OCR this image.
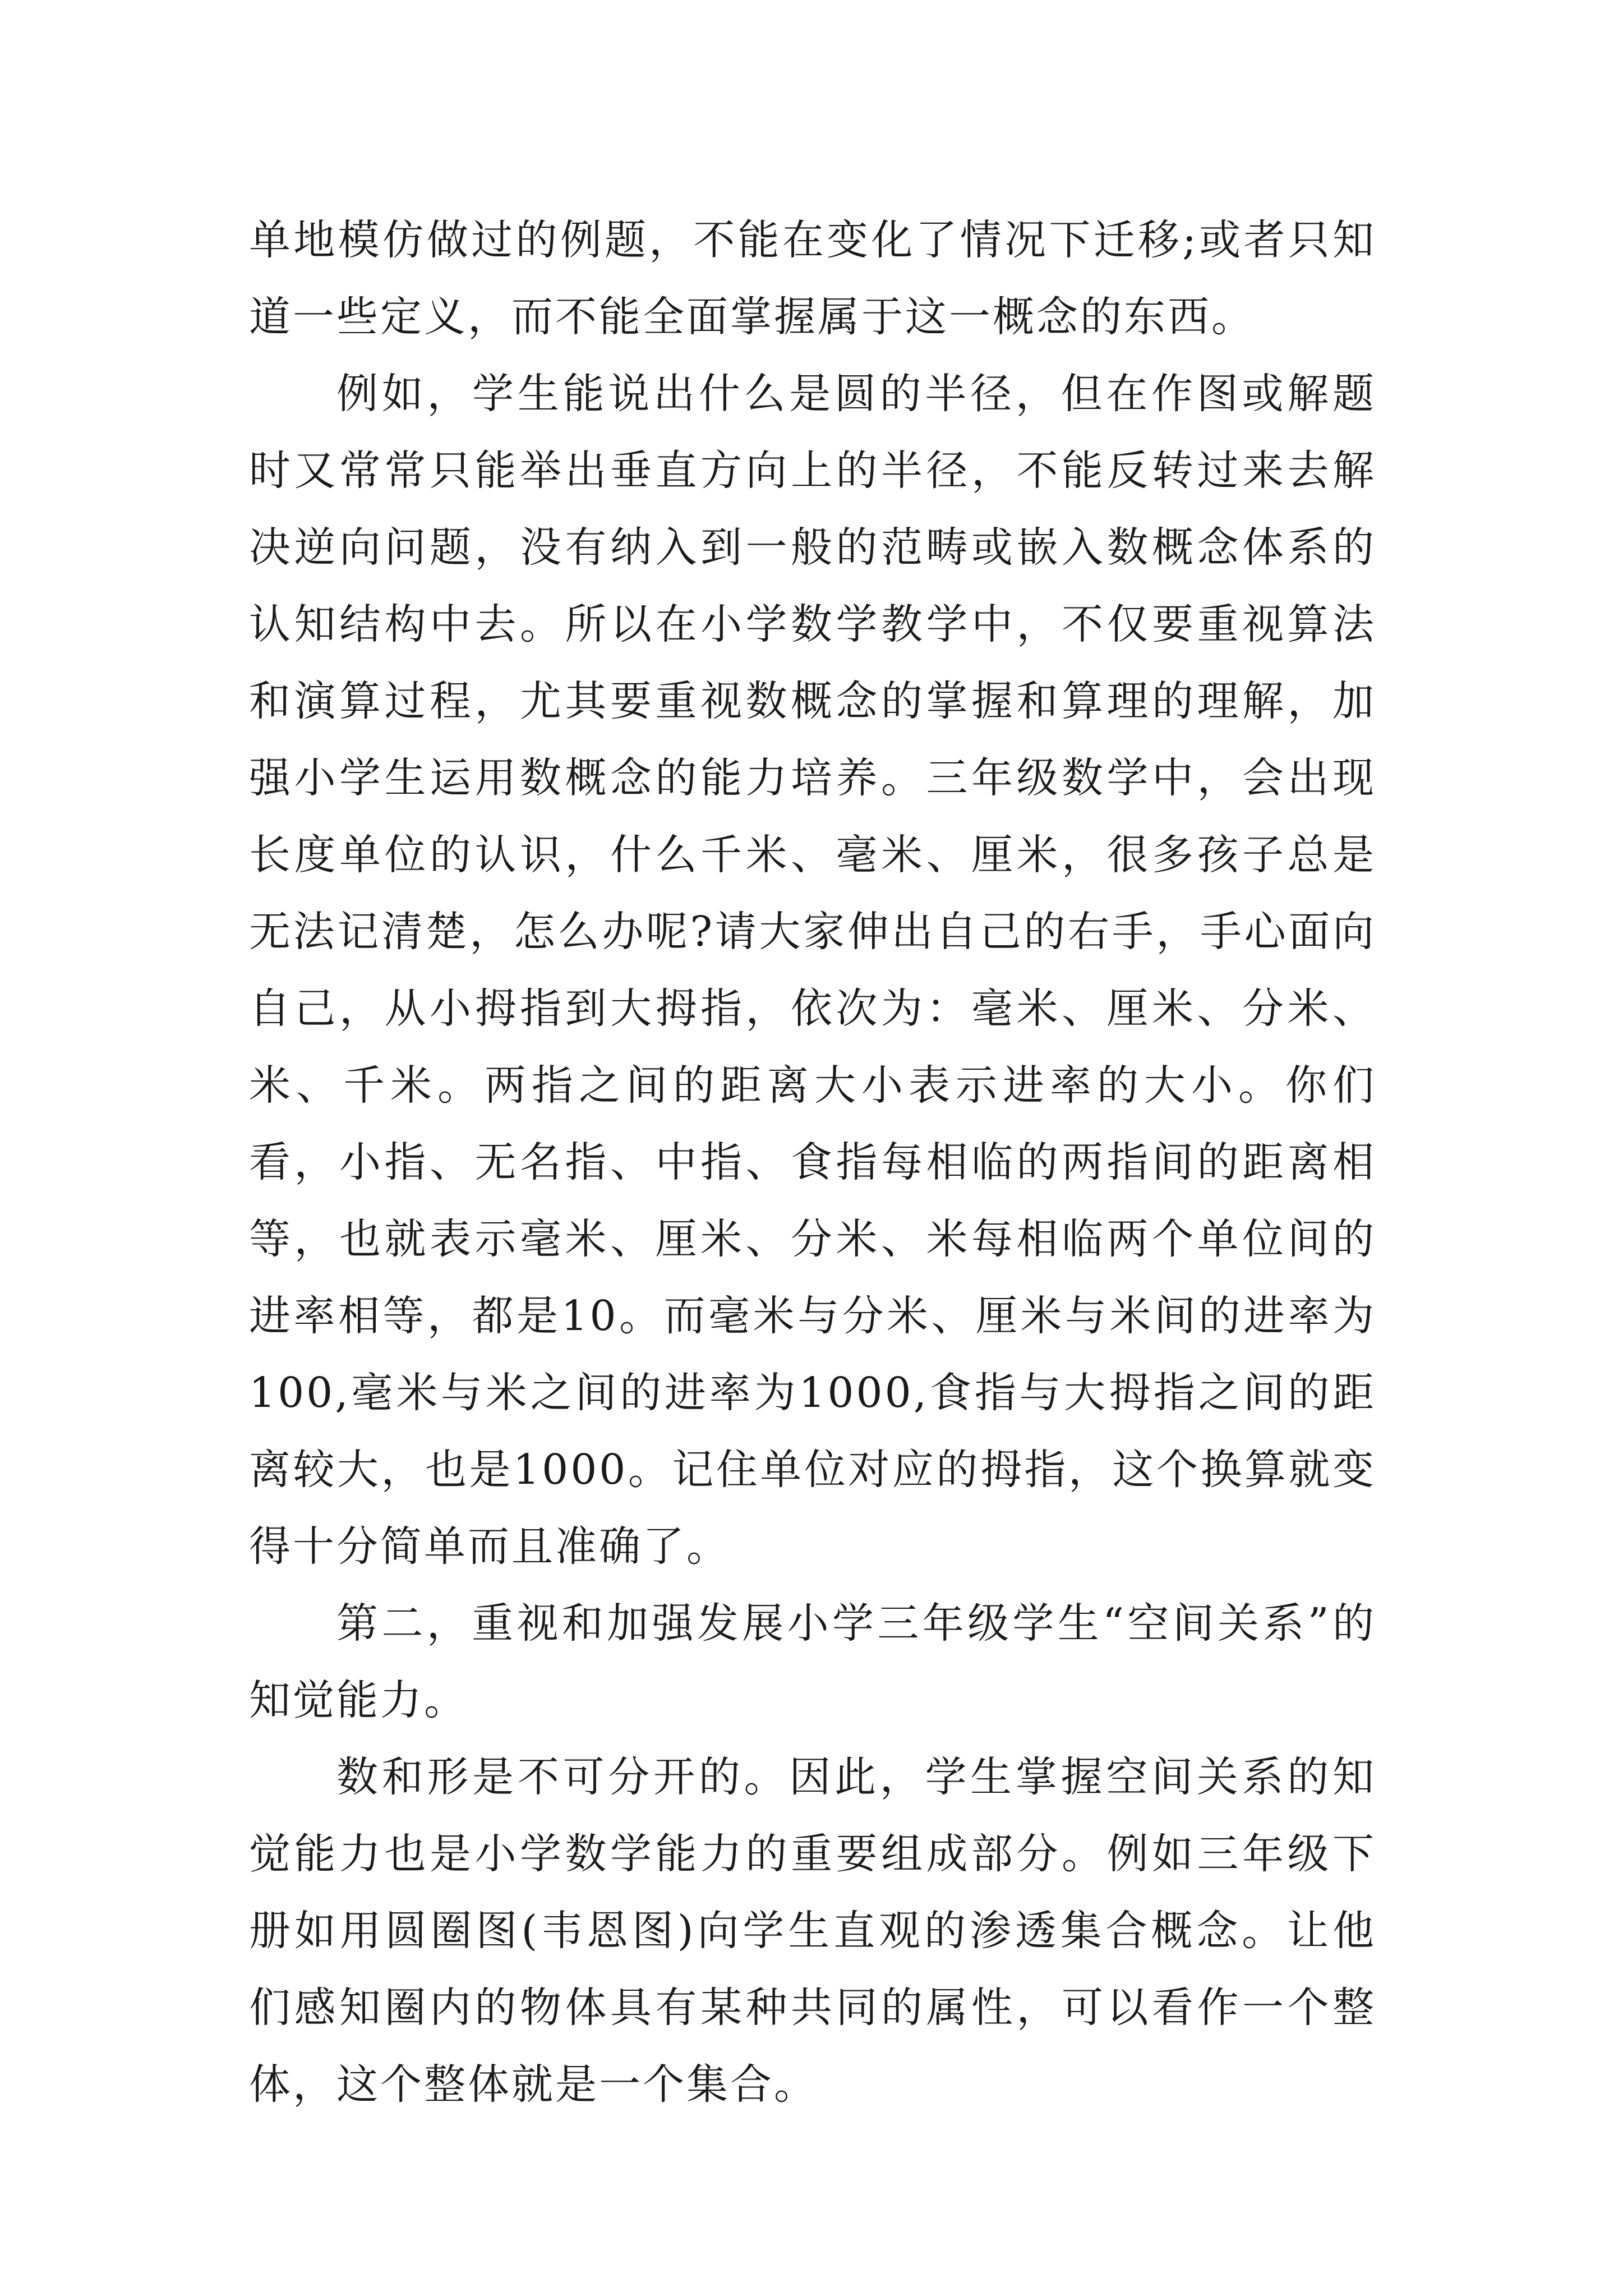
单地模仿做过的例题，不能在变化了情况下迁移;或者只知道一些定义，而不能全面掌握属于这一概念的东西。

例如，学生能说出什么是圆的半径，但在作图或解题时又常常只能举出垂直方向上的半径，不能反转过来去解决逆向问题，没有纳入到一般的范畴或嵌入数概念体系的认知结构中去。所以在小学数学教学中，不仅要重视算法和演算过程，尤其要重视数概念的掌握和算理的理解，加强小学生运用数概念的能力培养。三年级数学中，会出现长度单位的认识，什么千米、毫米、厘米，很多孩子总是无法记清楚，怎么办呢?请大家伸出自己的右手，手心面向自己，从小拇指到大拇指，依次为：毫米、厘米、分米、米、千米。两指之间的距离大小表示进率的大小。你们看，小指、无名指、中指、食指每相临的两指间的距离相等，也就表示毫米、厘米、分米、米每相临两个单位间的进率相等，都是10。而毫米与分米、厘米与米间的进率为100,毫米与米之间的进率为1000,食指与大拇指之间的距离较大，也是1000。记住单位对应的拇指，这个换算就变得十分简单而且准确了。

第二，重视和加强发展小学三年级学生“空间关系”的知觉能力。

数和形是不可分开的。因此，学生掌握空间关系的知觉能力也是小学数学能力的重要组成部分。例如三年级下册如用圆圈图(韦恩图)向学生直观的渗透集合概念。让他们感知圈内的物体具有某种共同的属性，可以看作一个整体，这个整体就是一个集合。
